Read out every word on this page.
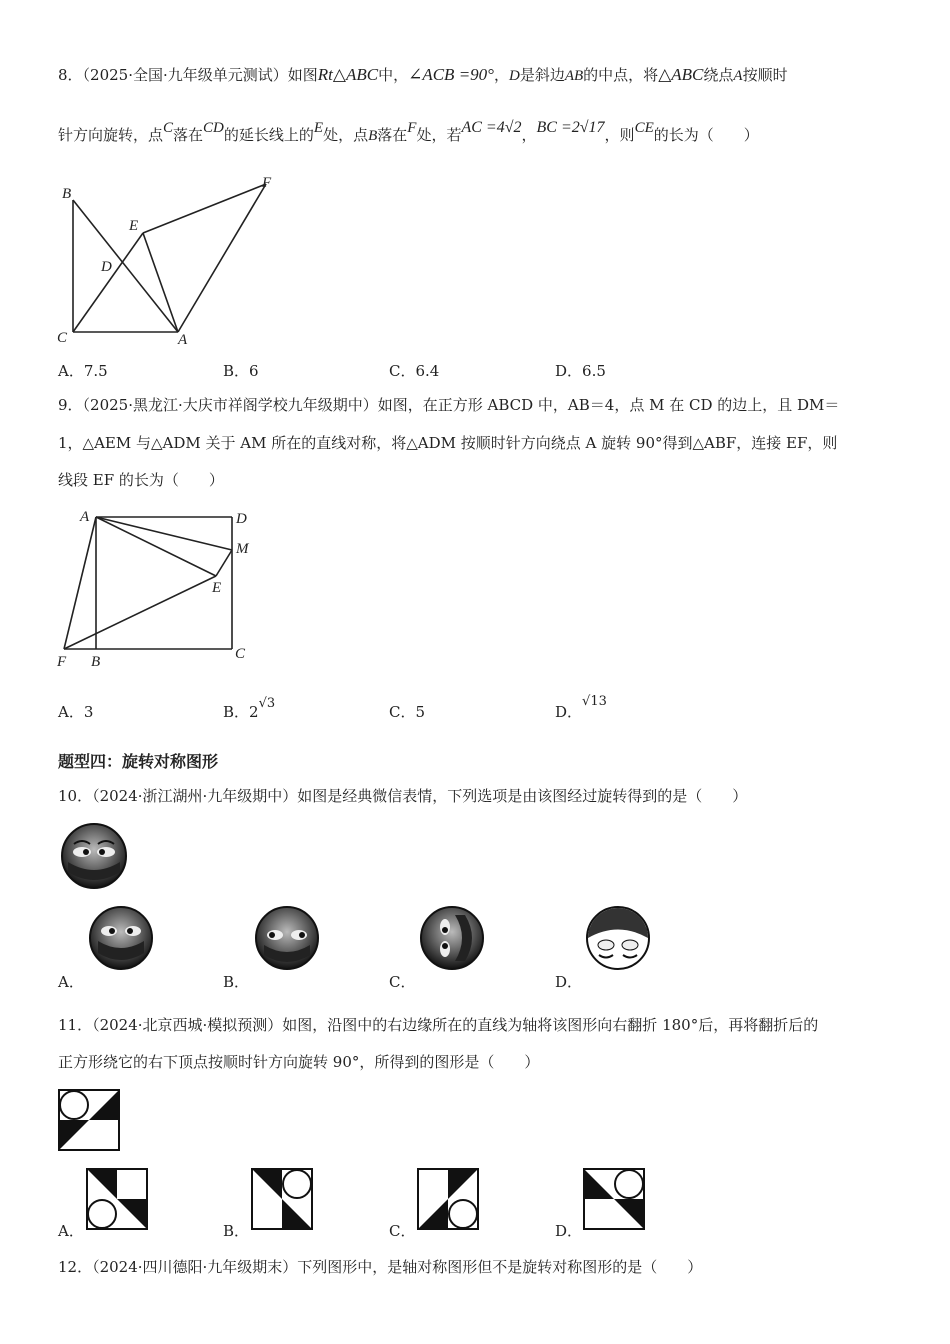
8．（2025·全国·九年级单元测试）如图Rt△ABC中，∠ACB =90°，D是斜边AB的中点，将△ABC绕点A按顺时
针方向旋转，点C落在CD的延长线上的E处，点B落在F处，若AC =4√2，BC =2√17，则CE的长为（　　）
B
E
F
D
C	A
A．7.5	B．6	C．6.4	D．6.5
9．（2025·黑龙江·大庆市祥阁学校九年级期中）如图，在正方形 ABCD 中，AB＝4，点 M 在 CD 的边上，且 DM＝
1，△AEM 与△ADM 关于 AM 所在的直线对称，将△ADM 按顺时针方向绕点 A 旋转 90°得到△ABF，连接 EF，则
线段 EF 的长为（　　）
A	D
M
E
F B	C
A．3	B．2√3	C．5	D．√13
题型四：旋转对称图形
10．（2024·浙江湖州·九年级期中）如图是经典微信表情，下列选项是由该图经过旋转得到的是（　　）
A．	B．	C．	D．
11．（2024·北京西城·模拟预测）如图，沿图中的右边缘所在的直线为轴将该图形向右翻折 180°后，再将翻折后的
正方形绕它的右下顶点按顺时针方向旋转 90°，所得到的图形是（　　）
A．	B．	C．	D．
12．（2024·四川德阳·九年级期末）下列图形中，是轴对称图形但不是旋转对称图形的是（　　）
